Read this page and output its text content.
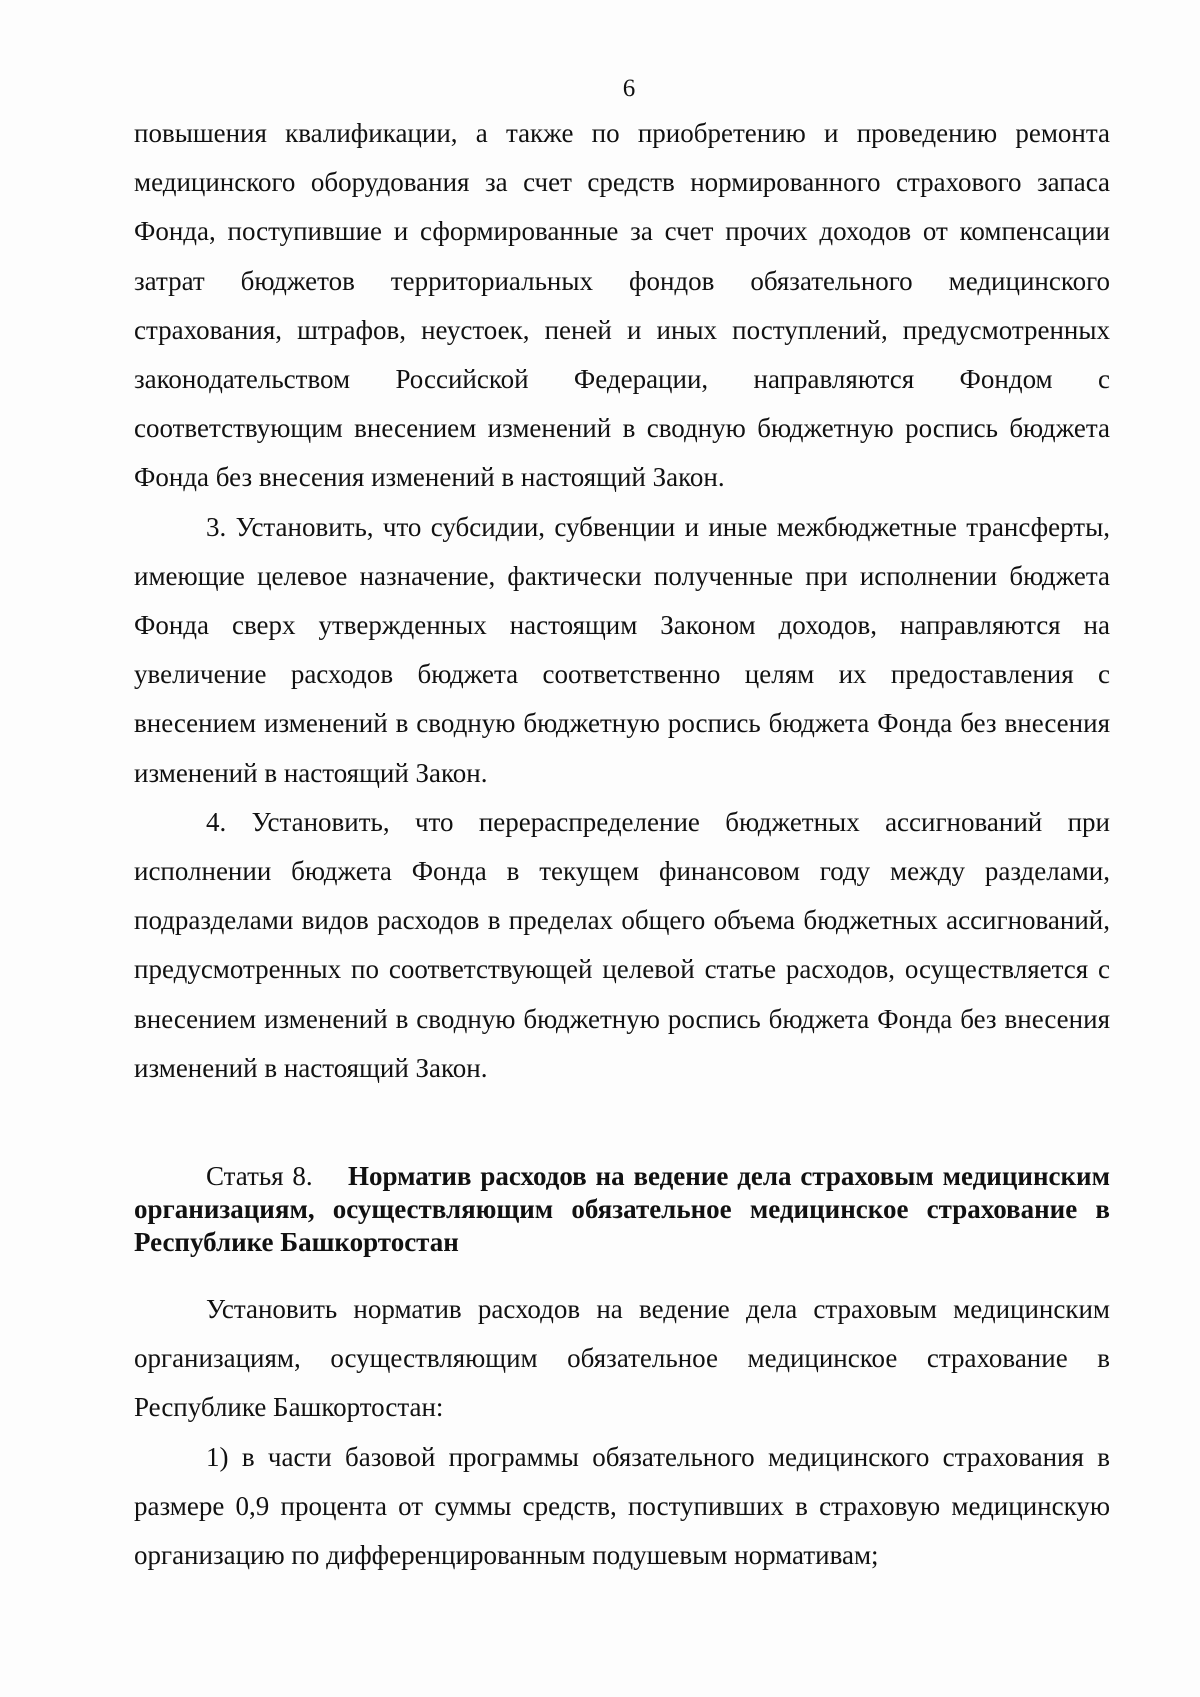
6

повышения квалификации, а также по приобретению и проведению ремонта медицинского оборудования за счет средств нормированного страхового запаса Фонда, поступившие и сформированные за счет прочих доходов от компенсации затрат бюджетов территориальных фондов обязательного медицинского страхования, штрафов, неустоек, пеней и иных поступлений, предусмотренных законодательством Российской Федерации, направляются Фондом с соответствующим внесением изменений в сводную бюджетную роспись бюджета Фонда без внесения изменений в настоящий Закон.

3. Установить, что субсидии, субвенции и иные межбюджетные трансферты, имеющие целевое назначение, фактически полученные при исполнении бюджета Фонда сверх утвержденных настоящим Законом доходов, направляются на увеличение расходов бюджета соответственно целям их предоставления с внесением изменений в сводную бюджетную роспись бюджета Фонда без внесения изменений в настоящий Закон.

4. Установить, что перераспределение бюджетных ассигнований при исполнении бюджета Фонда в текущем финансовом году между разделами, подразделами видов расходов в пределах общего объема бюджетных ассигнований, предусмотренных по соответствующей целевой статье расходов, осуществляется с внесением изменений в сводную бюджетную роспись бюджета Фонда без внесения изменений в настоящий Закон.

Статья 8.    Норматив расходов на ведение дела страховым медицинским организациям, осуществляющим обязательное медицинское страхование в Республике Башкортостан

Установить норматив расходов на ведение дела страховым медицинским организациям, осуществляющим обязательное медицинское страхование в Республике Башкортостан:

1) в части базовой программы обязательного медицинского страхования в размере 0,9 процента от суммы средств, поступивших в страховую медицинскую организацию по дифференцированным подушевым нормативам;
